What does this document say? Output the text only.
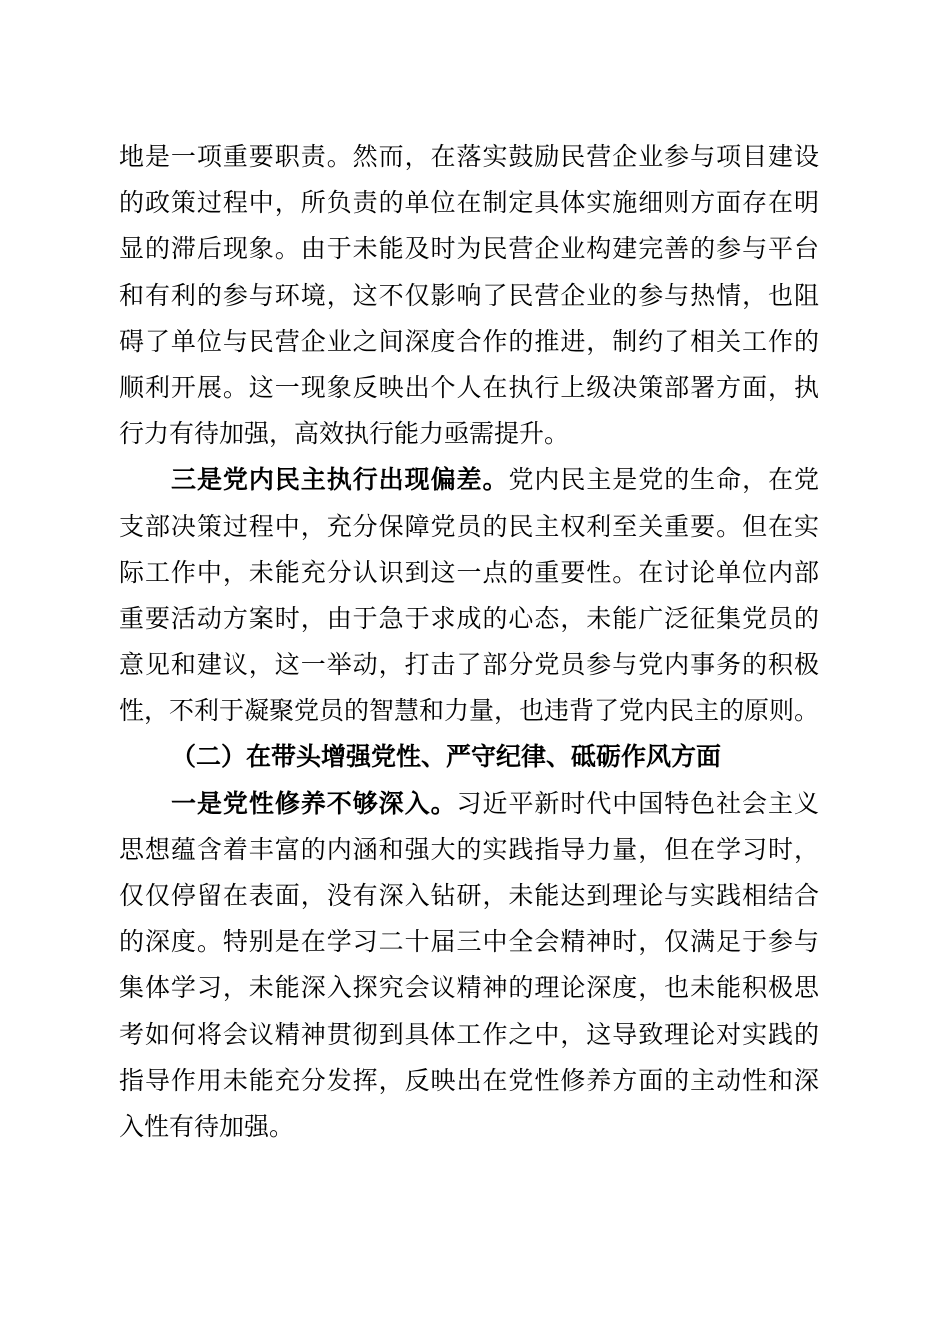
地是一项重要职责。然而，在落实鼓励民营企业参与项目建设
的政策过程中，所负责的单位在制定具体实施细则方面存在明
显的滞后现象。由于未能及时为民营企业构建完善的参与平台
和有利的参与环境，这不仅影响了民营企业的参与热情，也阻
碍了单位与民营企业之间深度合作的推进，制约了相关工作的
顺利开展。这一现象反映出个人在执行上级决策部署方面，执
行力有待加强，高效执行能力亟需提升。
三是党内民主执行出现偏差。党内民主是党的生命，在党
支部决策过程中，充分保障党员的民主权利至关重要。但在实
际工作中，未能充分认识到这一点的重要性。在讨论单位内部
重要活动方案时，由于急于求成的心态，未能广泛征集党员的
意见和建议，这一举动，打击了部分党员参与党内事务的积极
性，不利于凝聚党员的智慧和力量，也违背了党内民主的原则。
（二）在带头增强党性、严守纪律、砥砺作风方面
一是党性修养不够深入。习近平新时代中国特色社会主义
思想蕴含着丰富的内涵和强大的实践指导力量，但在学习时，
仅仅停留在表面，没有深入钻研，未能达到理论与实践相结合
的深度。特别是在学习二十届三中全会精神时，仅满足于参与
集体学习，未能深入探究会议精神的理论深度，也未能积极思
考如何将会议精神贯彻到具体工作之中，这导致理论对实践的
指导作用未能充分发挥，反映出在党性修养方面的主动性和深
入性有待加强。
